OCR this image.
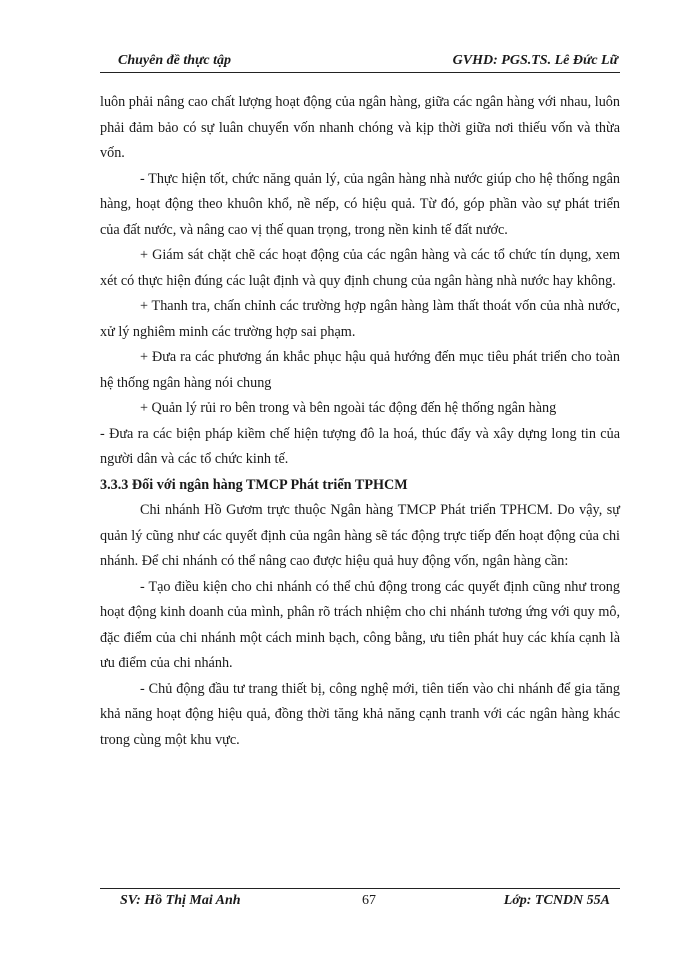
Chuyên đề thực tập	GVHD: PGS.TS. Lê Đức Lữ

luôn phải nâng cao chất lượng hoạt động của ngân hàng, giữa các ngân hàng với nhau, luôn phải đảm bảo có sự luân chuyển vốn nhanh chóng và kịp thời giữa nơi thiếu vốn và thừa vốn.

- Thực hiện tốt, chức năng quản lý, của ngân hàng nhà nước giúp cho hệ thống ngân hàng, hoạt động theo khuôn khổ, nề nếp, có hiệu quả. Từ đó, góp phần vào sự phát triển của đất nước, và nâng cao vị thế quan trọng, trong nền kinh tế đất nước.

+ Giám sát chặt chẽ các hoạt động của các ngân hàng và các tổ chức tín dụng, xem xét có thực hiện đúng các luật định và quy định chung của ngân hàng nhà nước hay không.

+ Thanh tra, chấn chỉnh các trường hợp ngân hàng làm thất thoát vốn của nhà nước, xử lý nghiêm minh các trường hợp sai phạm.

+ Đưa ra các phương án khắc phục hậu quả hướng đến mục tiêu phát triển cho toàn hệ thống ngân hàng nói chung

+ Quản lý rủi ro bên trong và bên ngoài tác động đến hệ thống ngân hàng

- Đưa ra các biện pháp kiềm chế hiện tượng đô la hoá, thúc đẩy và xây dựng long tin của người dân và các tổ chức kinh tế.

3.3.3 Đối với ngân hàng TMCP Phát triển TPHCM

Chi nhánh Hồ Gươm trực thuộc Ngân hàng TMCP Phát triển TPHCM. Do vậy, sự quản lý cũng như các quyết định của ngân hàng sẽ tác động trực tiếp đến hoạt động của chi nhánh. Để chi nhánh có thể nâng cao được hiệu quả huy động vốn, ngân hàng cần:

- Tạo điều kiện cho chi nhánh có thể chủ động trong các quyết định cũng như trong hoạt động kinh doanh của mình, phân rõ trách nhiệm cho chi nhánh tương ứng với quy mô, đặc điểm của chi nhánh một cách minh bạch, công bằng, ưu tiên phát huy các khía cạnh là ưu điểm của chi nhánh.

- Chủ động đầu tư trang thiết bị, công nghệ mới, tiên tiến vào chi nhánh để gia tăng khả năng hoạt động hiệu quả, đồng thời tăng khả năng cạnh tranh với các ngân hàng khác trong cùng một khu vực.

SV: Hồ Thị Mai Anh	67	Lớp: TCNDN 55A
